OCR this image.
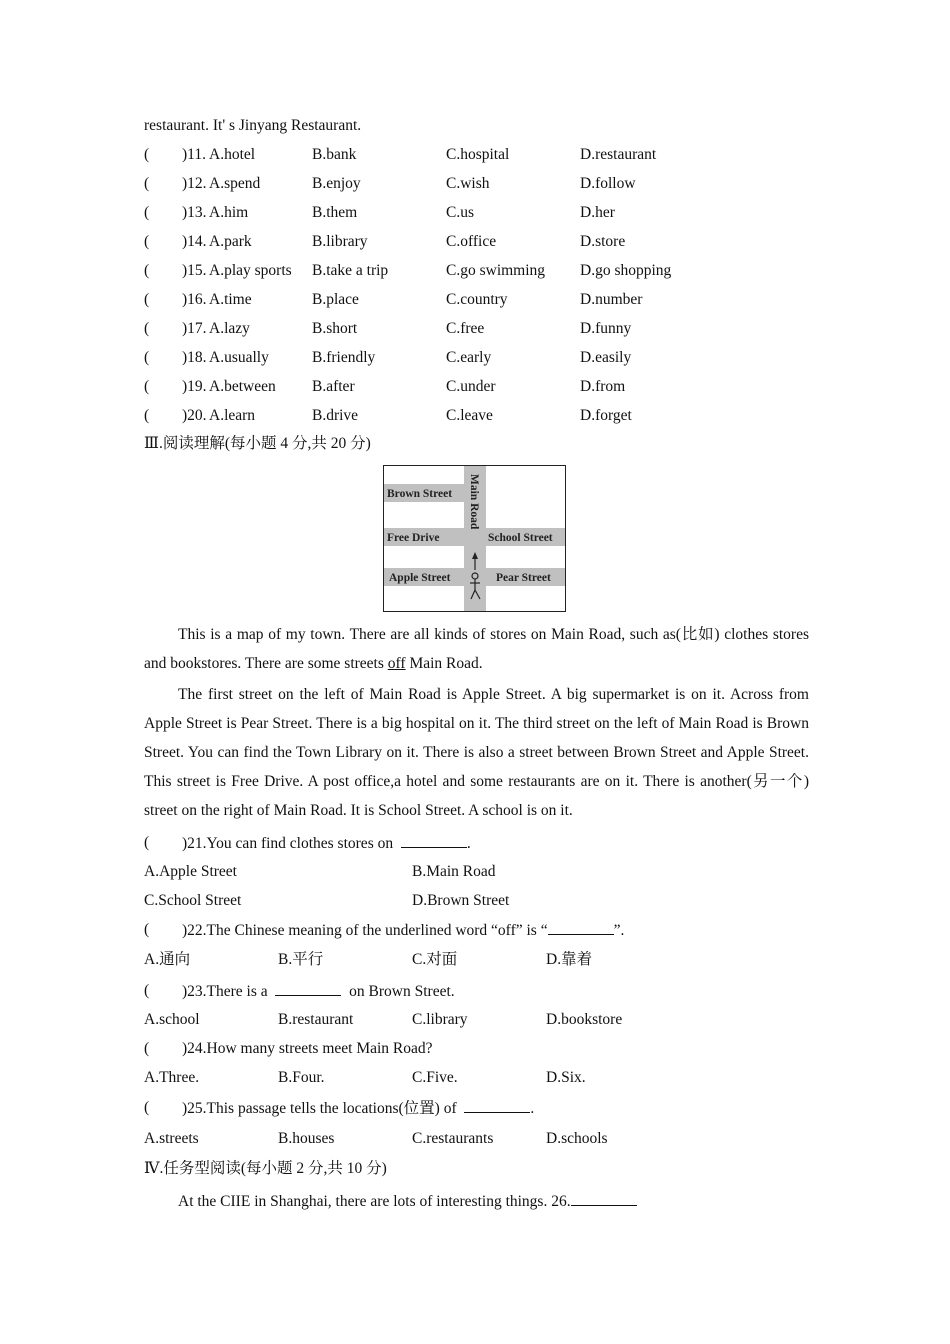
restaurant. It' s Jinyang Restaurant.
( )11. A.hotel	B.bank	C.hospital	D.restaurant
( )12. A.spend	B.enjoy	C.wish	D.follow
( )13. A.him	B.them	C.us	D.her
( )14. A.park	B.library	C.office	D.store
( )15. A.play sports B.take a trip	C.go swimming D.go shopping
( )16. A.time	B.place	C.country	D.number
( )17. A.lazy	B.short	C.free	D.funny
( )18. A.usually	B.friendly	C.early	D.easily
( )19. A.between B.after	C.under	D.from
( )20. A.learn	B.drive	C.leave	D.forget
Ⅲ.阅读理解(每小题 4 分,共 20 分)
Brown Street
Free Drive	School Street
Apple Street	Pear Street
Main Road
This is a map of my town. There are all kinds of stores on Main Road, such as(比如) clothes stores and bookstores. There are some streets off Main Road.
The first street on the left of Main Road is Apple Street. A big supermarket is on it. Across from Apple Street is Pear Street. There is a big hospital on it. The third street on the left of Main Road is Brown Street. You can find the Town Library on it. There is also a street between Brown Street and Apple Street. This street is Free Drive. A post office,a hotel and some restaurants are on it. There is another(另一个) street on the right of Main Road. It is School Street. A school is on it.
( )21.You can find clothes stores on	.
A.Apple Street	B.Main Road
C.School Street	D.Brown Street
( )22.The Chinese meaning of the underlined word “off” is “	”.
A.通向	B.平行	C.对面	D.靠着
( )23.There is a	on Brown Street.
A.school	B.restaurant	C.library	D.bookstore
( )24.How many streets meet Main Road?
A.Three.	B.Four.	C.Five.	D.Six.
( )25.This passage tells the locations(位置) of	.
A.streets	B.houses	C.restaurants	D.schools
Ⅳ.任务型阅读(每小题 2 分,共 10 分)
At the CIIE in Shanghai, there are lots of interesting things. 26.
